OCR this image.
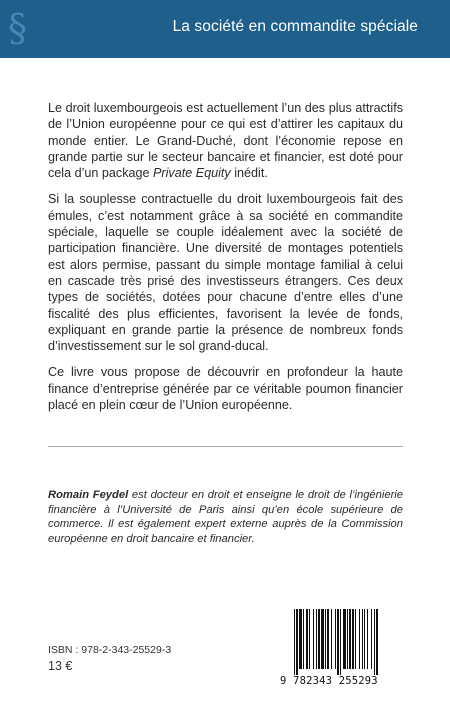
§	La société en commandite spéciale

Le droit luxembourgeois est actuellement l’un des plus attractifs de l’Union européenne pour ce qui est d’attirer les capitaux du monde entier. Le Grand-Duché, dont l’économie repose en grande partie sur le secteur bancaire et financier, est doté pour cela d’un package Private Equity inédit.

Si la souplesse contractuelle du droit luxembourgeois fait des émules, c’est notamment grâce à sa société en commandite spéciale, laquelle se couple idéalement avec la société de participation financière. Une diversité de montages potentiels est alors permise, passant du simple montage familial à celui en cascade très prisé des investisseurs étrangers. Ces deux types de sociétés, dotées pour chacune d’entre elles d’une fiscalité des plus efficientes, favorisent la levée de fonds, expliquant en grande partie la présence de nombreux fonds d’investissement sur le sol grand-ducal.

Ce livre vous propose de découvrir en profondeur la haute finance d’entreprise générée par ce véritable poumon financier placé en plein cœur de l’Union européenne.

Romain Feydel est docteur en droit et enseigne le droit de l’ingénierie financière à l’Université de Paris ainsi qu’en école supérieure de commerce. Il est également expert externe auprès de la Commission européenne en droit bancaire et financier.
ISBN : 978-2-343-25529-3
13 €
9 782343 255293
